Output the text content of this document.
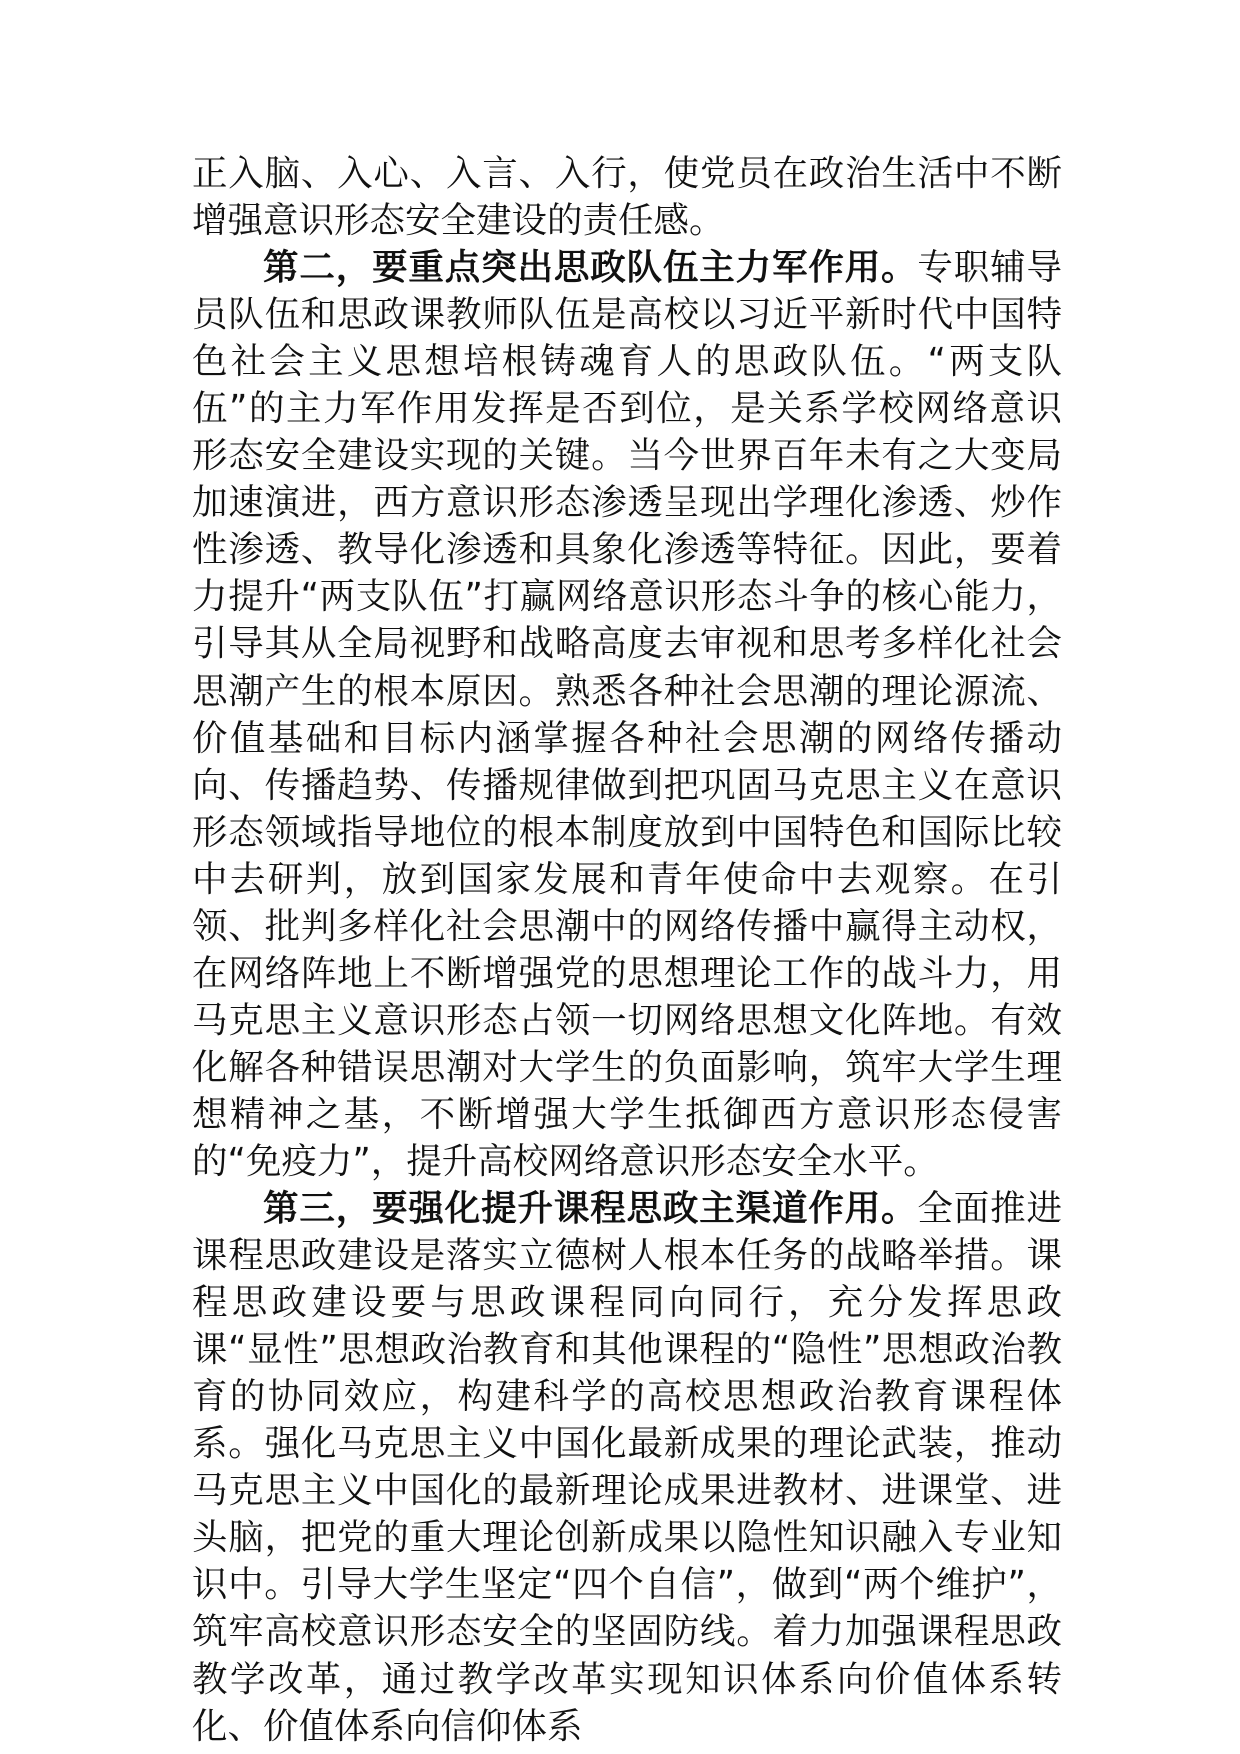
正入脑、入心、入言、入行，使党员在政治生活中不断增强意识形态安全建设的责任感。

第二，要重点突出思政队伍主力军作用。专职辅导员队伍和思政课教师队伍是高校以习近平新时代中国特色社会主义思想培根铸魂育人的思政队伍。“两支队伍”的主力军作用发挥是否到位，是关系学校网络意识形态安全建设实现的关键。当今世界百年未有之大变局加速演进，西方意识形态渗透呈现出学理化渗透、炒作性渗透、教导化渗透和具象化渗透等特征。因此，要着力提升“两支队伍”打赢网络意识形态斗争的核心能力，引导其从全局视野和战略高度去审视和思考多样化社会思潮产生的根本原因。熟悉各种社会思潮的理论源流、价值基础和目标内涵掌握各种社会思潮的网络传播动向、传播趋势、传播规律做到把巩固马克思主义在意识形态领域指导地位的根本制度放到中国特色和国际比较中去研判，放到国家发展和青年使命中去观察。在引领、批判多样化社会思潮中的网络传播中赢得主动权，在网络阵地上不断增强党的思想理论工作的战斗力，用马克思主义意识形态占领一切网络思想文化阵地。有效化解各种错误思潮对大学生的负面影响，筑牢大学生理想精神之基，不断增强大学生抵御西方意识形态侵害的“免疫力”，提升高校网络意识形态安全水平。

第三，要强化提升课程思政主渠道作用。全面推进课程思政建设是落实立德树人根本任务的战略举措。课程思政建设要与思政课程同向同行，充分发挥思政课“显性”思想政治教育和其他课程的“隐性”思想政治教育的协同效应，构建科学的高校思想政治教育课程体系。强化马克思主义中国化最新成果的理论武装，推动马克思主义中国化的最新理论成果进教材、进课堂、进头脑，把党的重大理论创新成果以隐性知识融入专业知识中。引导大学生坚定“四个自信”，做到“两个维护”，筑牢高校意识形态安全的坚固防线。着力加强课程思政教学改革，通过教学改革实现知识体系向价值体系转化、价值体系向信仰体系
